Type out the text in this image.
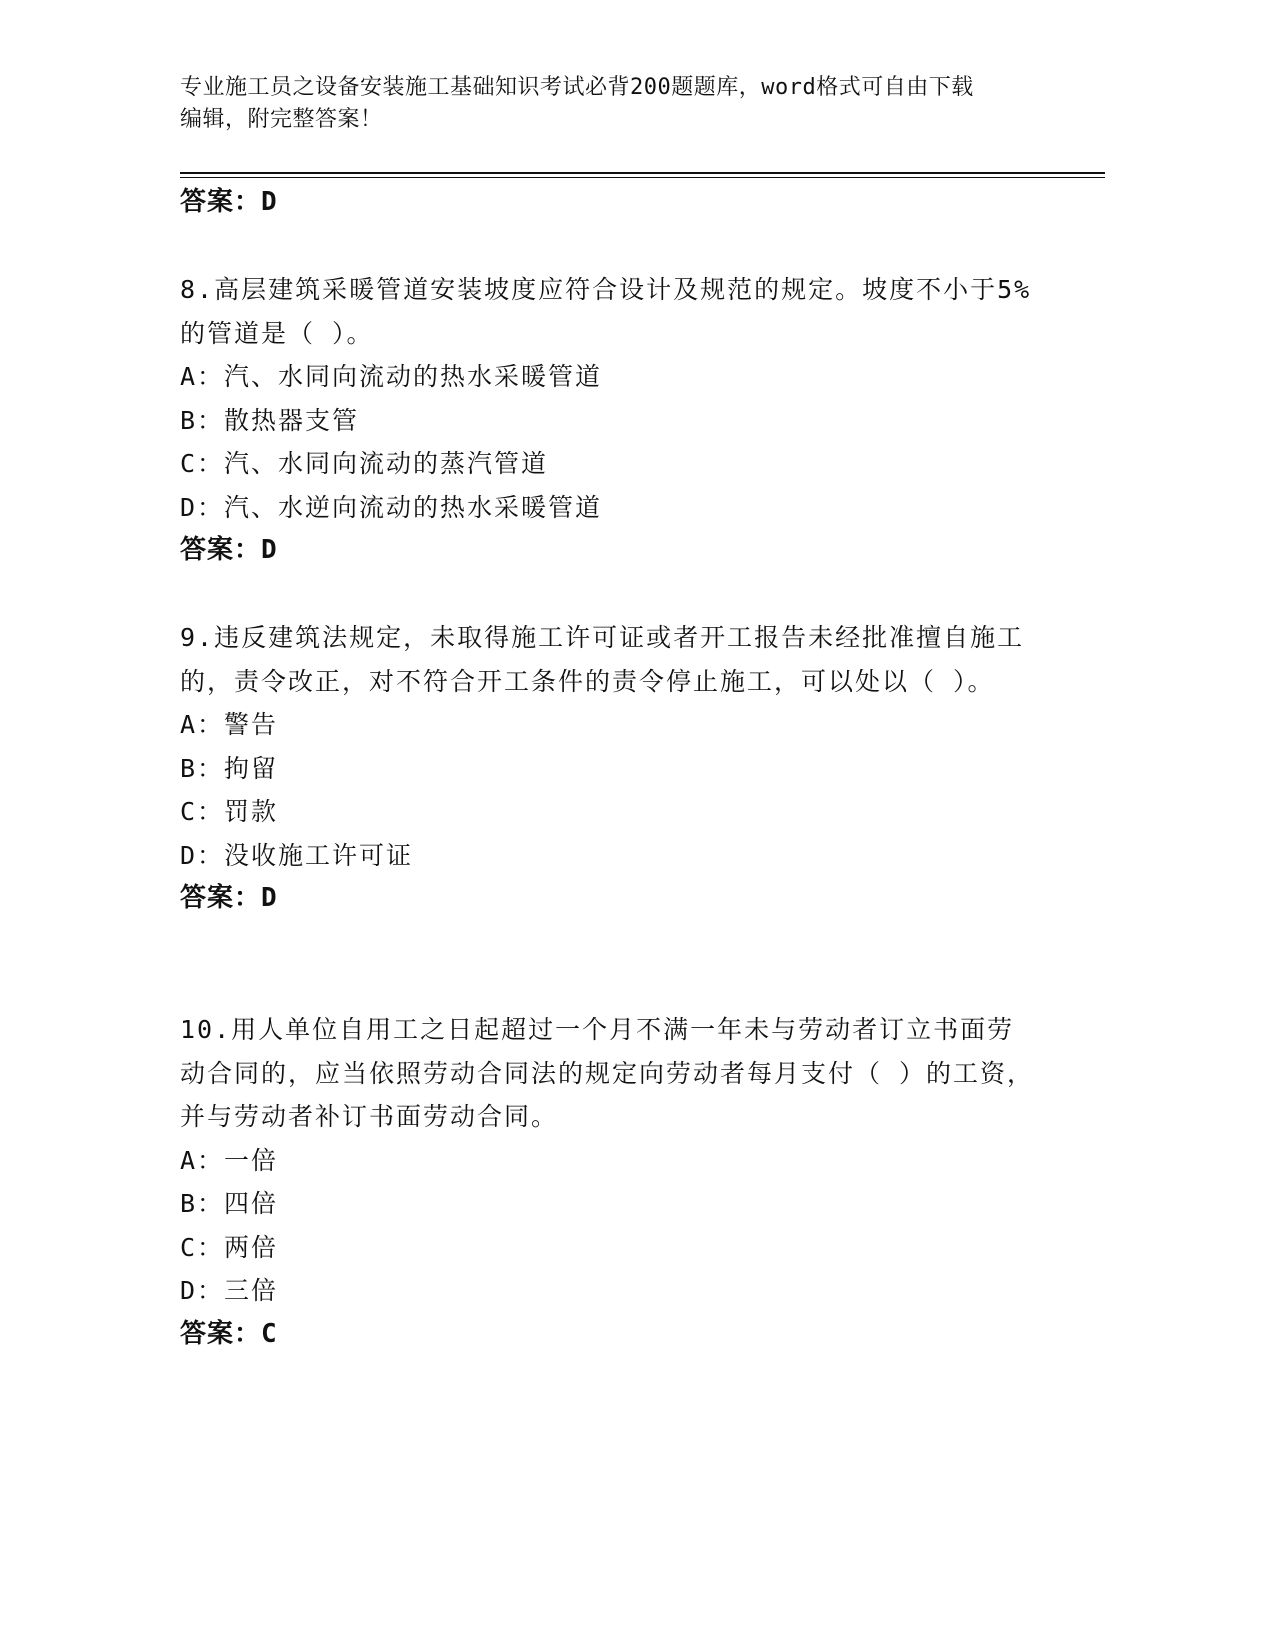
专业施工员之设备安装施工基础知识考试必背200题题库，word格式可自由下载
编辑，附完整答案！
答案：D

8.高层建筑采暖管道安装坡度应符合设计及规范的规定。坡度不小于5%的管道是（ ）。

A：汽、水同向流动的热水采暖管道

B：散热器支管

C：汽、水同向流动的蒸汽管道

D：汽、水逆向流动的热水采暖管道

答案：D

9.违反建筑法规定，未取得施工许可证或者开工报告未经批准擅自施工的，责令改正，对不符合开工条件的责令停止施工，可以处以（ ）。

A：警告

B：拘留

C：罚款

D：没收施工许可证

答案：D

10.用人单位自用工之日起超过一个月不满一年未与劳动者订立书面劳动合同的，应当依照劳动合同法的规定向劳动者每月支付（ ）的工资，并与劳动者补订书面劳动合同。

A：一倍

B：四倍

C：两倍

D：三倍

答案：C
